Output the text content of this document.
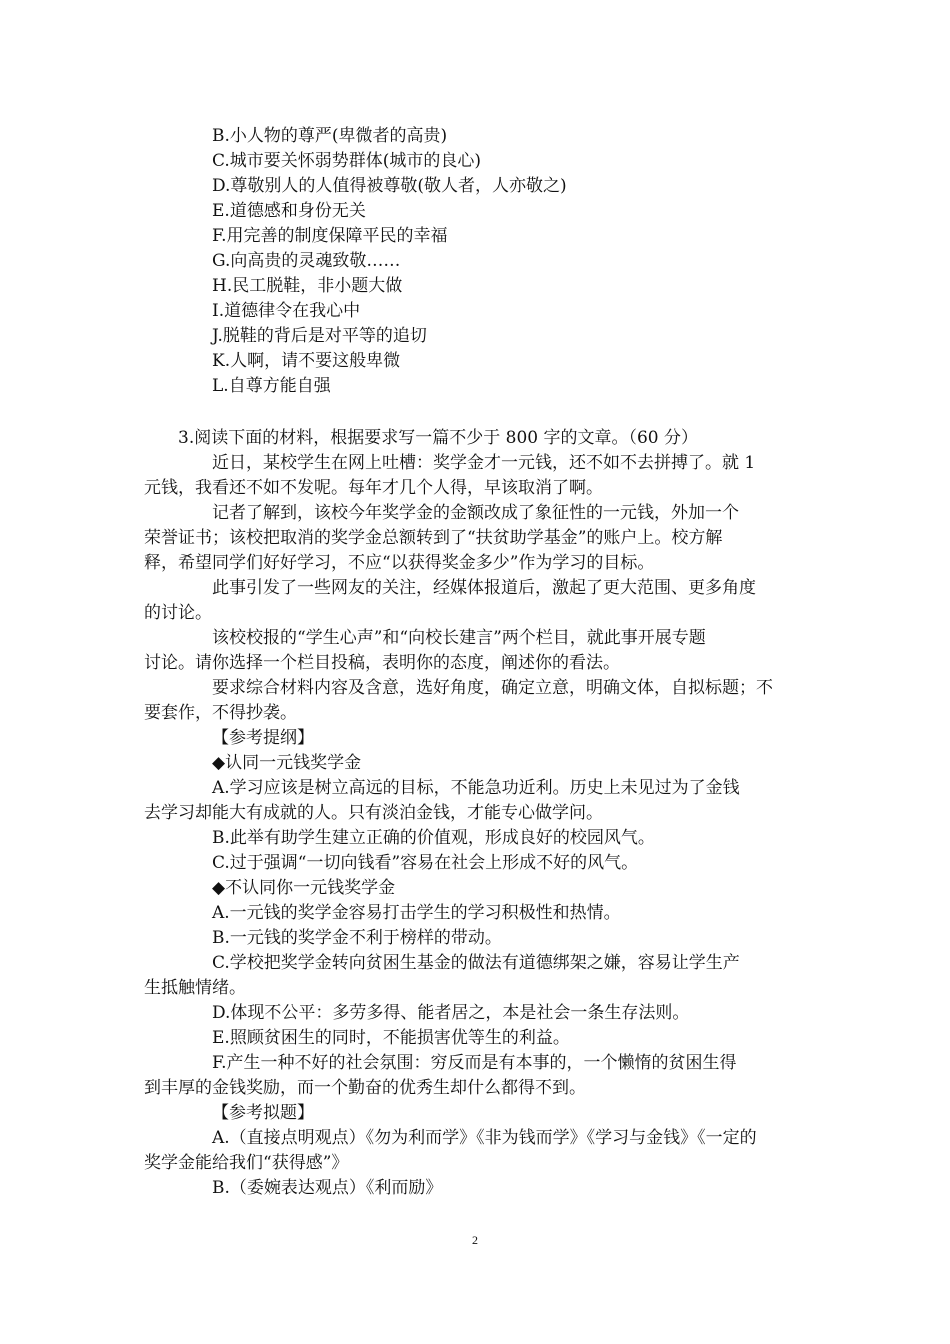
B.小人物的尊严(卑微者的高贵)

C.城市要关怀弱势群体(城市的良心)

D.尊敬别人的人值得被尊敬(敬人者，人亦敬之)

E.道德感和身份无关

F.用完善的制度保障平民的幸福

G.向高贵的灵魂致敬……

H.民工脱鞋，非小题大做

I.道德律令在我心中

J.脱鞋的背后是对平等的追切

K.人啊，请不要这般卑微

L.自尊方能自强

3.阅读下面的材料，根据要求写一篇不少于 800 字的文章。（60 分）

近日，某校学生在网上吐槽：奖学金才一元钱，还不如不去拼搏了。就 1

元钱，我看还不如不发呢。每年才几个人得，早该取消了啊。

记者了解到，该校今年奖学金的金额改成了象征性的一元钱，外加一个

荣誉证书；该校把取消的奖学金总额转到了“扶贫助学基金”的账户上。校方解

释，希望同学们好好学习，不应“以获得奖金多少”作为学习的目标。

此事引发了一些网友的关注，经媒体报道后，激起了更大范围、更多角度

的讨论。

该校校报的“学生心声”和“向校长建言”两个栏目，就此事开展专题

讨论。请你选择一个栏目投稿，表明你的态度，阐述你的看法。

要求综合材料内容及含意，选好角度，确定立意，明确文体，自拟标题；不

要套作，不得抄袭。

【参考提纲】

◆认同一元钱奖学金

A.学习应该是树立高远的目标，不能急功近利。历史上未见过为了金钱

去学习却能大有成就的人。只有淡泊金钱，才能专心做学问。

B.此举有助学生建立正确的价值观，形成良好的校园风气。

C.过于强调“一切向钱看”容易在社会上形成不好的风气。

◆不认同你一元钱奖学金

A.一元钱的奖学金容易打击学生的学习积极性和热情。

B.一元钱的奖学金不利于榜样的带动。

C.学校把奖学金转向贫困生基金的做法有道德绑架之嫌，容易让学生产

生抵触情绪。

D.体现不公平：多劳多得、能者居之，本是社会一条生存法则。

E.照顾贫困生的同时，不能损害优等生的利益。

F.产生一种不好的社会氛围：穷反而是有本事的，一个懒惰的贫困生得

到丰厚的金钱奖励，而一个勤奋的优秀生却什么都得不到。

【参考拟题】

A.（直接点明观点）《勿为利而学》《非为钱而学》《学习与金钱》《一定的

奖学金能给我们“获得感”》

B.（委婉表达观点）《利而励》

2
